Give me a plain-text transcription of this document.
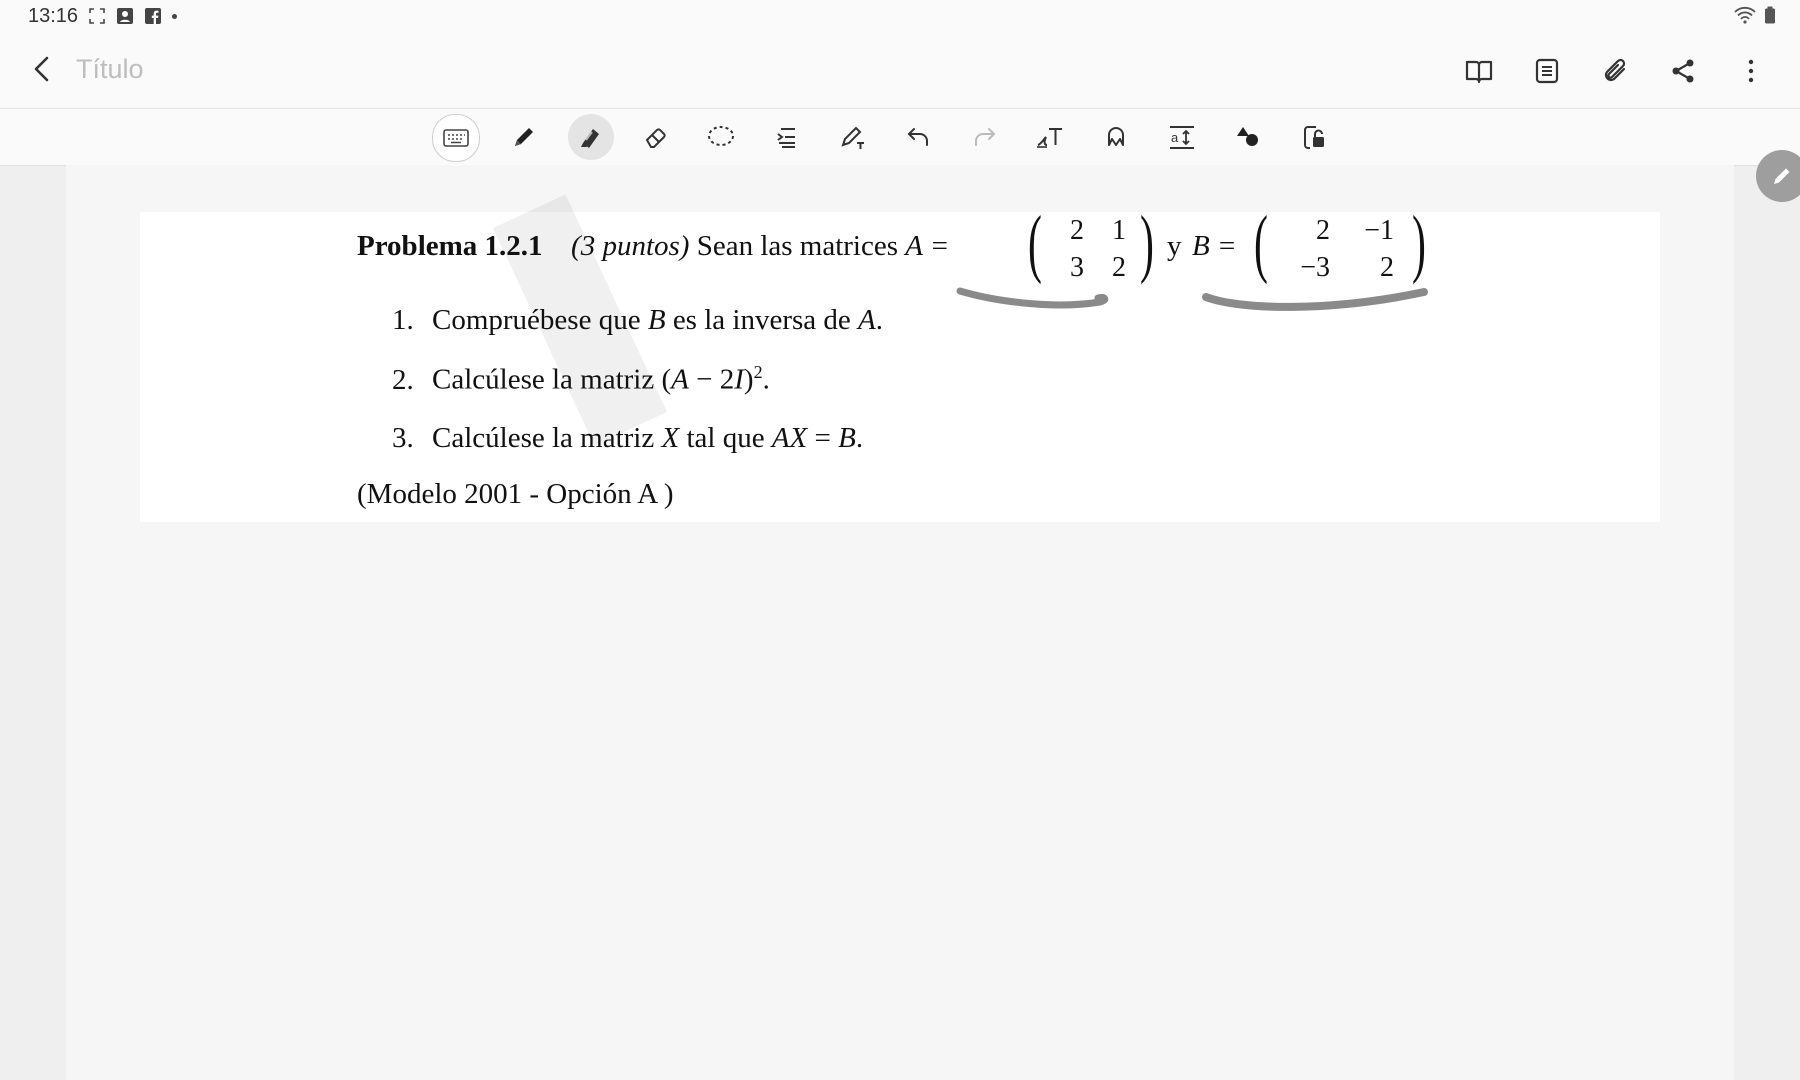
13:16
Título
a
Problema 1.2.1 (3 puntos) Sean las matrices A = (	2	1
3	2 ) y B = (	2	−1
−3	2 )
1. Compruébese que B es la inversa de A.
2. Calcúlese la matriz $(A - 2I)^2$.
3. Calcúlese la matriz X tal que AX = B.
(Modelo 2001 - Opción A )
